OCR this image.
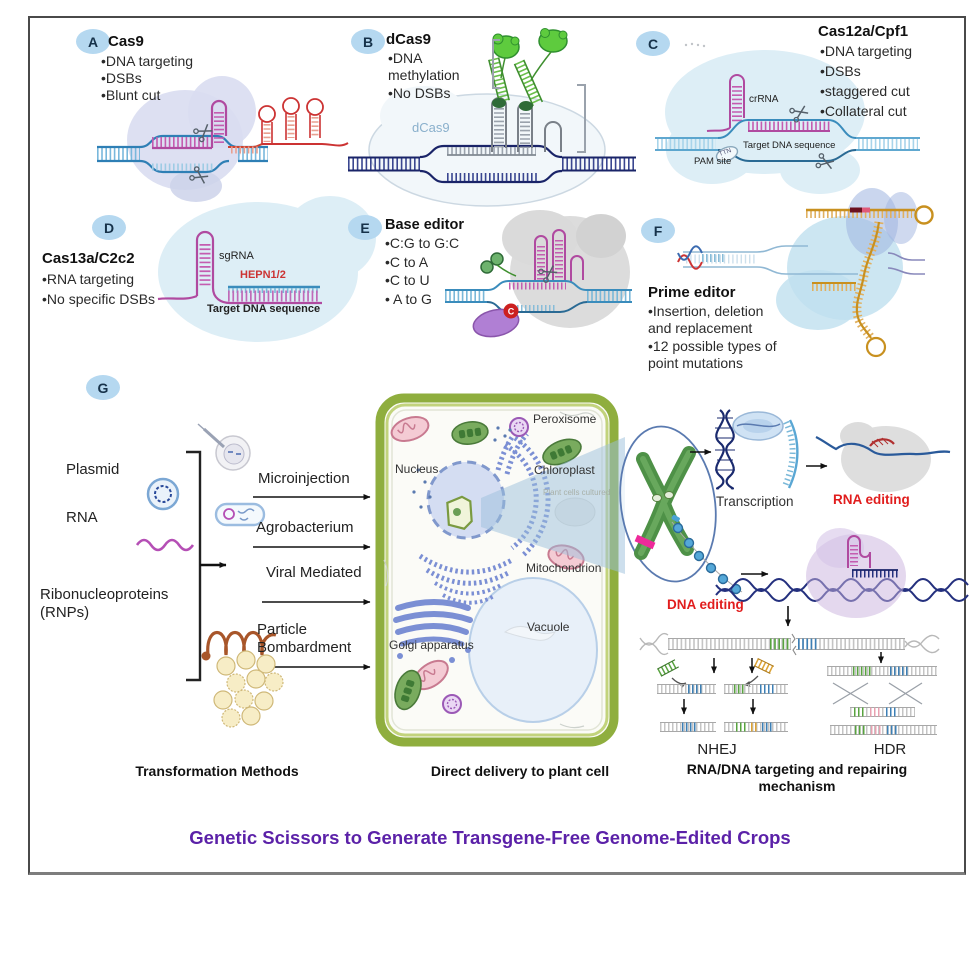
C
A	B	C
D	E	F
G
Cas9
•DNA targeting
•DSBs
•Blunt cut
dCas9
•DNA methylation
•No DSBs
dCas9
Cas12a/Cpf1
•DNA targeting
•DSBs
•staggered cut
•Collateral cut
crRNA
Target DNA sequence
PAM site
TTN
Cas13a/C2c2
•RNA targeting
•No specific DSBs
sgRNA
HEPN1/2
Target DNA sequence
Base editor
•C:G to G:C
•C to A
•C to U
• A to G	Prime editor
•Insertion, deletion and replacement
•12 possible types of point mutations
Plasmid
RNA
Ribonucleoproteins (RNPs)
Microinjection
Agrobacterium
Viral Mediated
Particle Bombardment
Transformation Methods
Peroxisome
Nucleus	Chloroplast
Plant cells cultured
Mitochondrion
Vacuole
Golgi apparatus
Direct delivery to plant cell
Transcription	RNA editing
DNA editing
NHEJ	HDR
RNA/DNA targeting and repairing mechanism
Genetic Scissors to Generate Transgene-Free Genome-Edited Crops
